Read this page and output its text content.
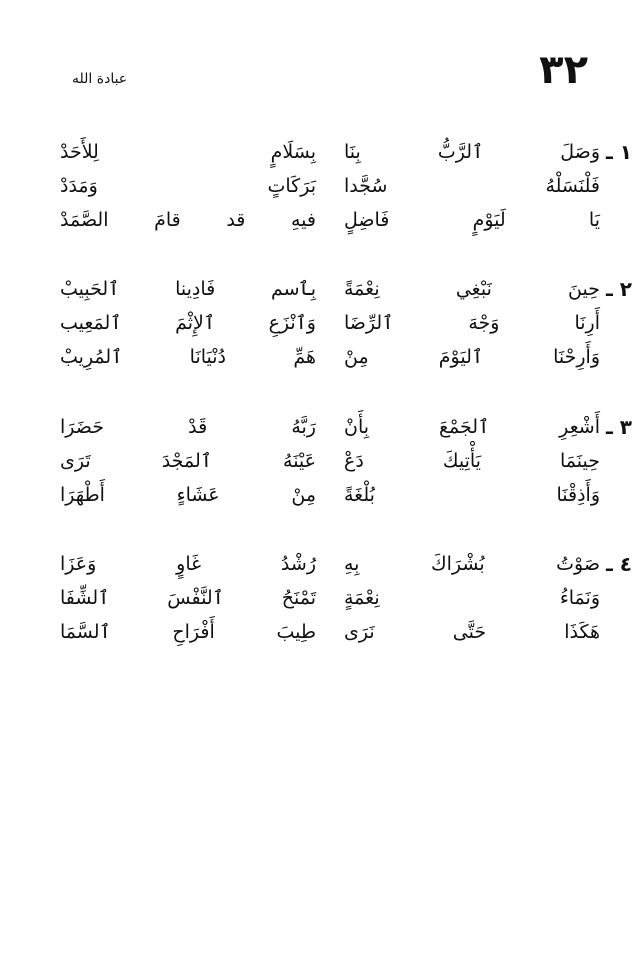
٣٢
عبادة الله
١ ـ
وَصَلَ ٱلرَّبُّ بِنَا
بِسَلَامٍ لِلأَحَدْ
فَلْنَسَلْهُ سُجَّدا
بَرَكَاتٍ وَمَدَدْ
يَا لَيَوْمٍ فَاضِلٍ
فيهِ قد قامَ الصَّمَدْ
٢ ـ
حِينَ نَبْغِي نِعْمَةً
بِٱسم فَادِينا ٱلحَبِيبْ
أَرِنَا وَجْهَ ٱلرِّضَا
وَٱنْزَعِ ٱلإِثْمَ ٱلمَعِيب
وَأَرِحْنَا ٱليَوْمَ مِنْ
هَمِّ دُنْيَانَا ٱلمُرِيبْ
٣ ـ
أَشْعِرِ ٱلجَمْعَ بِأَنْ
رَبَّهُ قَدْ حَضَرَا
حِينَمَا يَأْتِيكَ دَعْ
عَيْنَهُ ٱلمَجْدَ تَرَى
وَأَذِقْنَا بُلْغَةً
مِنْ عَشَاءٍ أَطْهَرَا
٤ ـ
صَوْتُ بُشْرَاكَ بِهِ
رُشْدُ غَاوٍ وَعَزَا
وَنَمَاءُ نِعْمَةٍ
تَمْنَحُ ٱلنَّفْسَ ٱلشِّفَا
هَكَذَا حَتَّى نَرَى
طِيبَ أَفْرَاحِ ٱلسَّمَا
